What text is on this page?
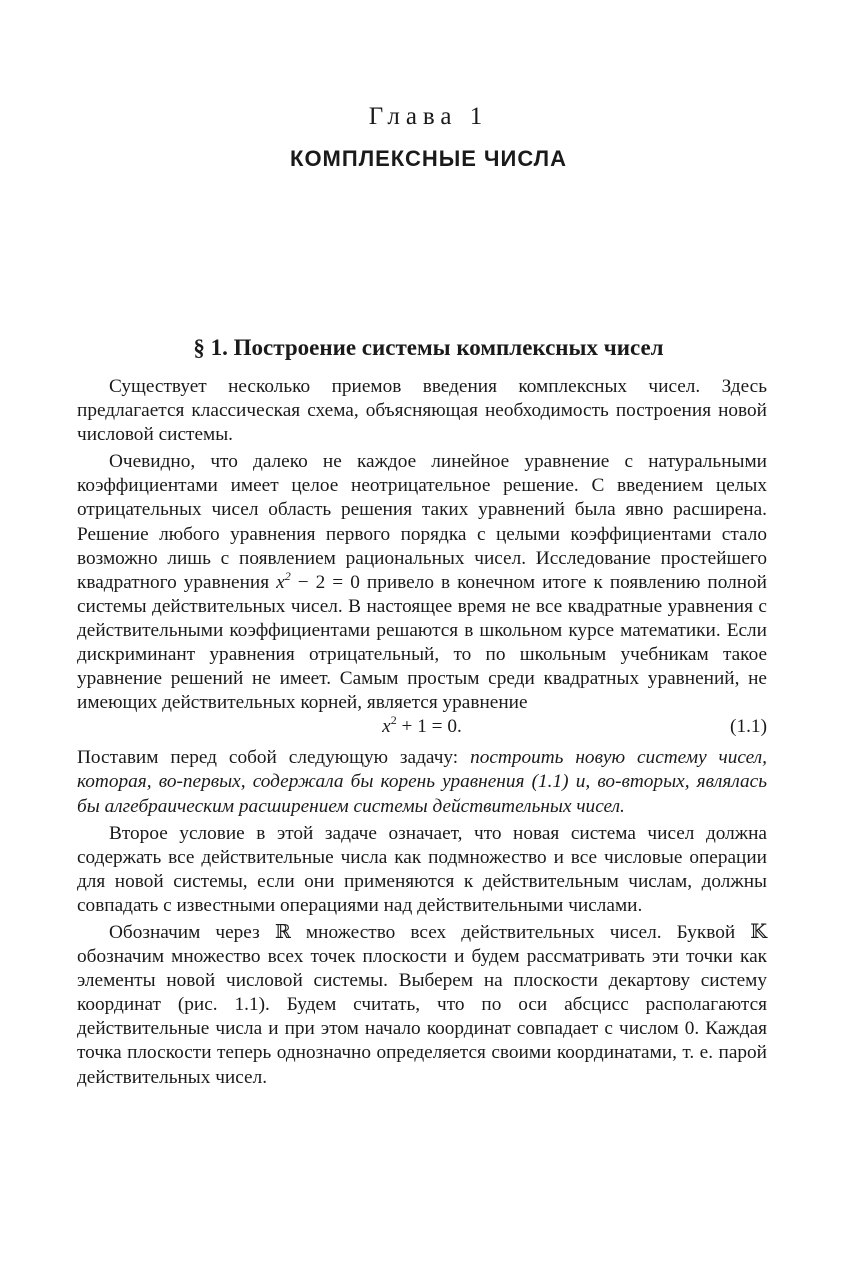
Глава 1
КОМПЛЕКСНЫЕ ЧИСЛА
§ 1. Построение системы комплексных чисел

Существует несколько приемов введения комплексных чисел. Здесь предлагается классическая схема, объясняющая необходимость построения новой числовой системы.

Очевидно, что далеко не каждое линейное уравнение с натуральными коэффициентами имеет целое неотрицательное решение. С введением целых отрицательных чисел область решения таких уравнений была явно расширена. Решение любого уравнения первого порядка с целыми коэффициентами стало возможно лишь с появлением рациональных чисел. Исследование простейшего квадратного уравнения $x^2 - 2 = 0$ привело в конечном итоге к появлению полной системы действительных чисел. В настоящее время не все квадратные уравнения с действительными коэффициентами решаются в школьном курсе математики. Если дискриминант уравнения отрицательный, то по школьным учебникам такое уравнение решений не имеет. Самым простым среди квадратных уравнений, не имеющих действительных корней, является уравнение

$x^2 + 1 = 0$.	(1.1)

Поставим перед собой следующую задачу: построить новую систему чисел, которая, во-первых, содержала бы корень уравнения (1.1) и, во-вторых, являлась бы алгебраическим расширением системы действительных чисел.

Второе условие в этой задаче означает, что новая система чисел должна содержать все действительные числа как подмножество и все числовые операции для новой системы, если они применяются к действительным числам, должны совпадать с известными операциями над действительными числами.

Обозначим через ℝ множество всех действительных чисел. Буквой 𝕂 обозначим множество всех точек плоскости и будем рассматривать эти точки как элементы новой числовой системы. Выберем на плоскости декартову систему координат (рис. 1.1). Будем считать, что по оси абсцисс располагаются действительные числа и при этом начало координат совпадает с числом 0. Каждая точка плоскости теперь однозначно определяется своими координатами, т. е. парой действительных чисел.
